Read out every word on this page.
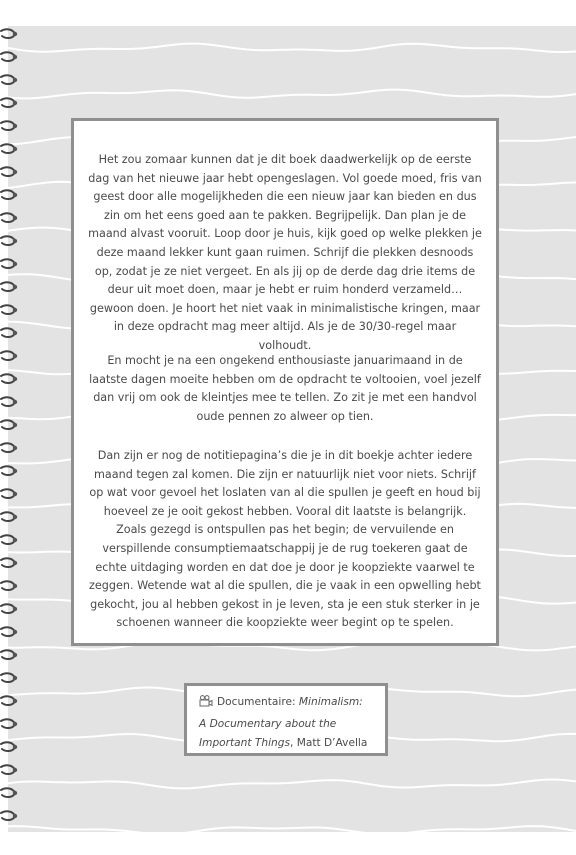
Het zou zomaar kunnen dat je dit boek daadwerkelijk op de eerste dag van het nieuwe jaar hebt opengeslagen. Vol goede moed, fris van geest door alle mogelijkheden die een nieuw jaar kan bieden en dus zin om het eens goed aan te pakken. Begrijpelijk. Dan plan je de maand alvast vooruit. Loop door je huis, kijk goed op welke plekken je deze maand lekker kunt gaan ruimen. Schrijf die plekken desnoods op, zodat je ze niet vergeet. En als jij op de derde dag drie items de deur uit moet doen, maar je hebt er ruim honderd verzameld… gewoon doen. Je hoort het niet vaak in minimalistische kringen, maar in deze opdracht mag meer altijd. Als je de 30/30-regel maar volhoudt.

En mocht je na een ongekend enthousiaste januarimaand in de laatste dagen moeite hebben om de opdracht te voltooien, voel jezelf dan vrij om ook de kleintjes mee te tellen. Zo zit je met een handvol oude pennen zo alweer op tien.

Dan zijn er nog de notitiepagina’s die je in dit boekje achter iedere maand tegen zal komen. Die zijn er natuurlijk niet voor niets. Schrijf op wat voor gevoel het loslaten van al die spullen je geeft en houd bij hoeveel ze je ooit gekost hebben. Vooral dit laatste is belangrijk. Zoals gezegd is ontspullen pas het begin; de vervuilende en verspillende consumptiemaatschappij je de rug toekeren gaat de echte uitdaging worden en dat doe je door je koopziekte vaarwel te zeggen. Wetende wat al die spullen, die je vaak in een opwelling hebt gekocht, jou al hebben gekost in je leven, sta je een stuk sterker in je schoenen wanneer die koopziekte weer begint op te spelen.

Documentaire: Minimalism:
A Documentary about the
Important Things, Matt D’Avella
